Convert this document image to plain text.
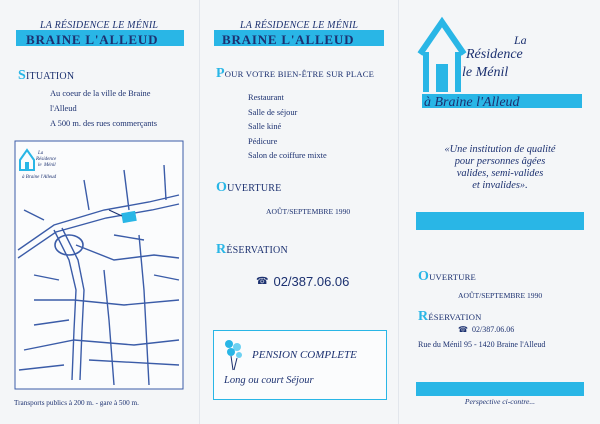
LA RÉSIDENCE LE MÉNIL
BRAINE L'ALLEUD
SITUATION
Au coeur de la ville de Braine
l'Alleud
A 500 m. des rues commerçants
La
Résidence
le Ménil
à Braine l'Alleud
Transports publics à 200 m. - gare à 500 m.
LA RÉSIDENCE LE MÉNIL
BRAINE L'ALLEUD
POUR VOTRE BIEN-ÊTRE SUR PLACE
Restaurant
Salle de séjour
Salle kiné
Pédicure
Salon de coiffure mixte
OUVERTURE
AOÛT/SEPTEMBRE 1990
RÉSERVATION
☎ 02/387.06.06
PENSION COMPLETE
Long ou court Séjour
La
Résidence
le Ménil
à Braine l'Alleud
«Une institution de qualité
pour personnes âgées
valides, semi-valides
et invalides».
OUVERTURE
AOÛT/SEPTEMBRE 1990
RÉSERVATION
☎ 02/387.06.06
Rue du Ménil 95 - 1420 Braine l'Alleud
Perspective ci-contre...
